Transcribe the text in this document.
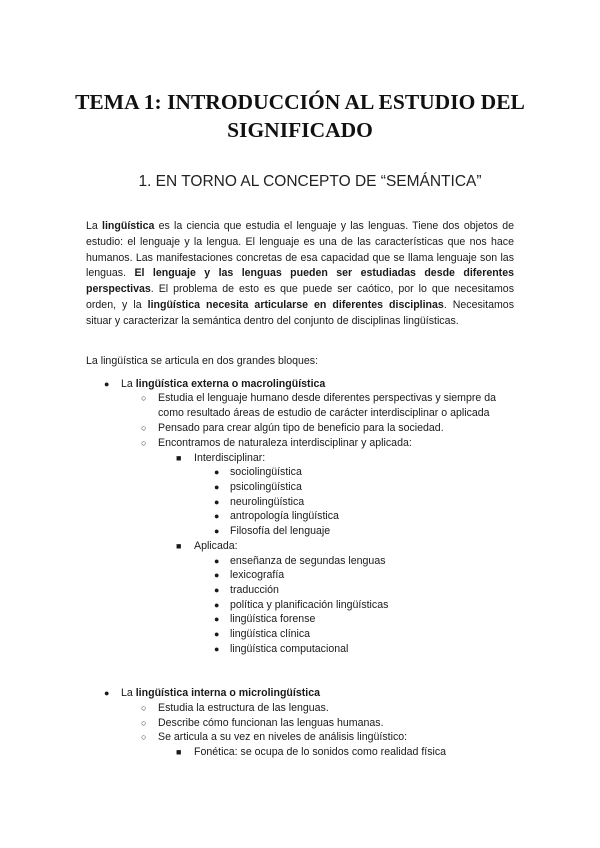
TEMA 1: INTRODUCCIÓN AL ESTUDIO DEL SIGNIFICADO
1. EN TORNO AL CONCEPTO DE “SEMÁNTICA”

La lingüística es la ciencia que estudia el lenguaje y las lenguas. Tiene dos objetos de estudio: el lenguaje y la lengua. El lenguaje es una de las características que nos hace humanos. Las manifestaciones concretas de esa capacidad que se llama lenguaje son las lenguas. El lenguaje y las lenguas pueden ser estudiadas desde diferentes perspectivas. El problema de esto es que puede ser caótico, por lo que necesitamos orden, y la lingüística necesita articularse en diferentes disciplinas. Necesitamos situar y caracterizar la semántica dentro del conjunto de disciplinas lingüísticas.

La lingüística se articula en dos grandes bloques:
● La lingüística externa o macrolingüística
○ Estudia el lenguaje humano desde diferentes perspectivas y siempre da como resultado áreas de estudio de carácter interdisciplinar o aplicada
○ Pensado para crear algún tipo de beneficio para la sociedad.
○ Encontramos de naturaleza interdisciplinar y aplicada:
■ Interdisciplinar:
● sociolingüística
● psicolingüística
● neurolingüística
● antropología lingüística
● Filosofía del lenguaje
■ Aplicada:
● enseñanza de segundas lenguas
● lexicografía
● traducción
● política y planificación lingüísticas
● lingüística forense
● lingüística clínica
● lingüística computacional
● La lingüística interna o microlingüística
○ Estudia la estructura de las lenguas.
○ Describe cómo funcionan las lenguas humanas.
○ Se articula a su vez en niveles de análisis lingüístico:
■ Fonética: se ocupa de lo sonidos como realidad física
